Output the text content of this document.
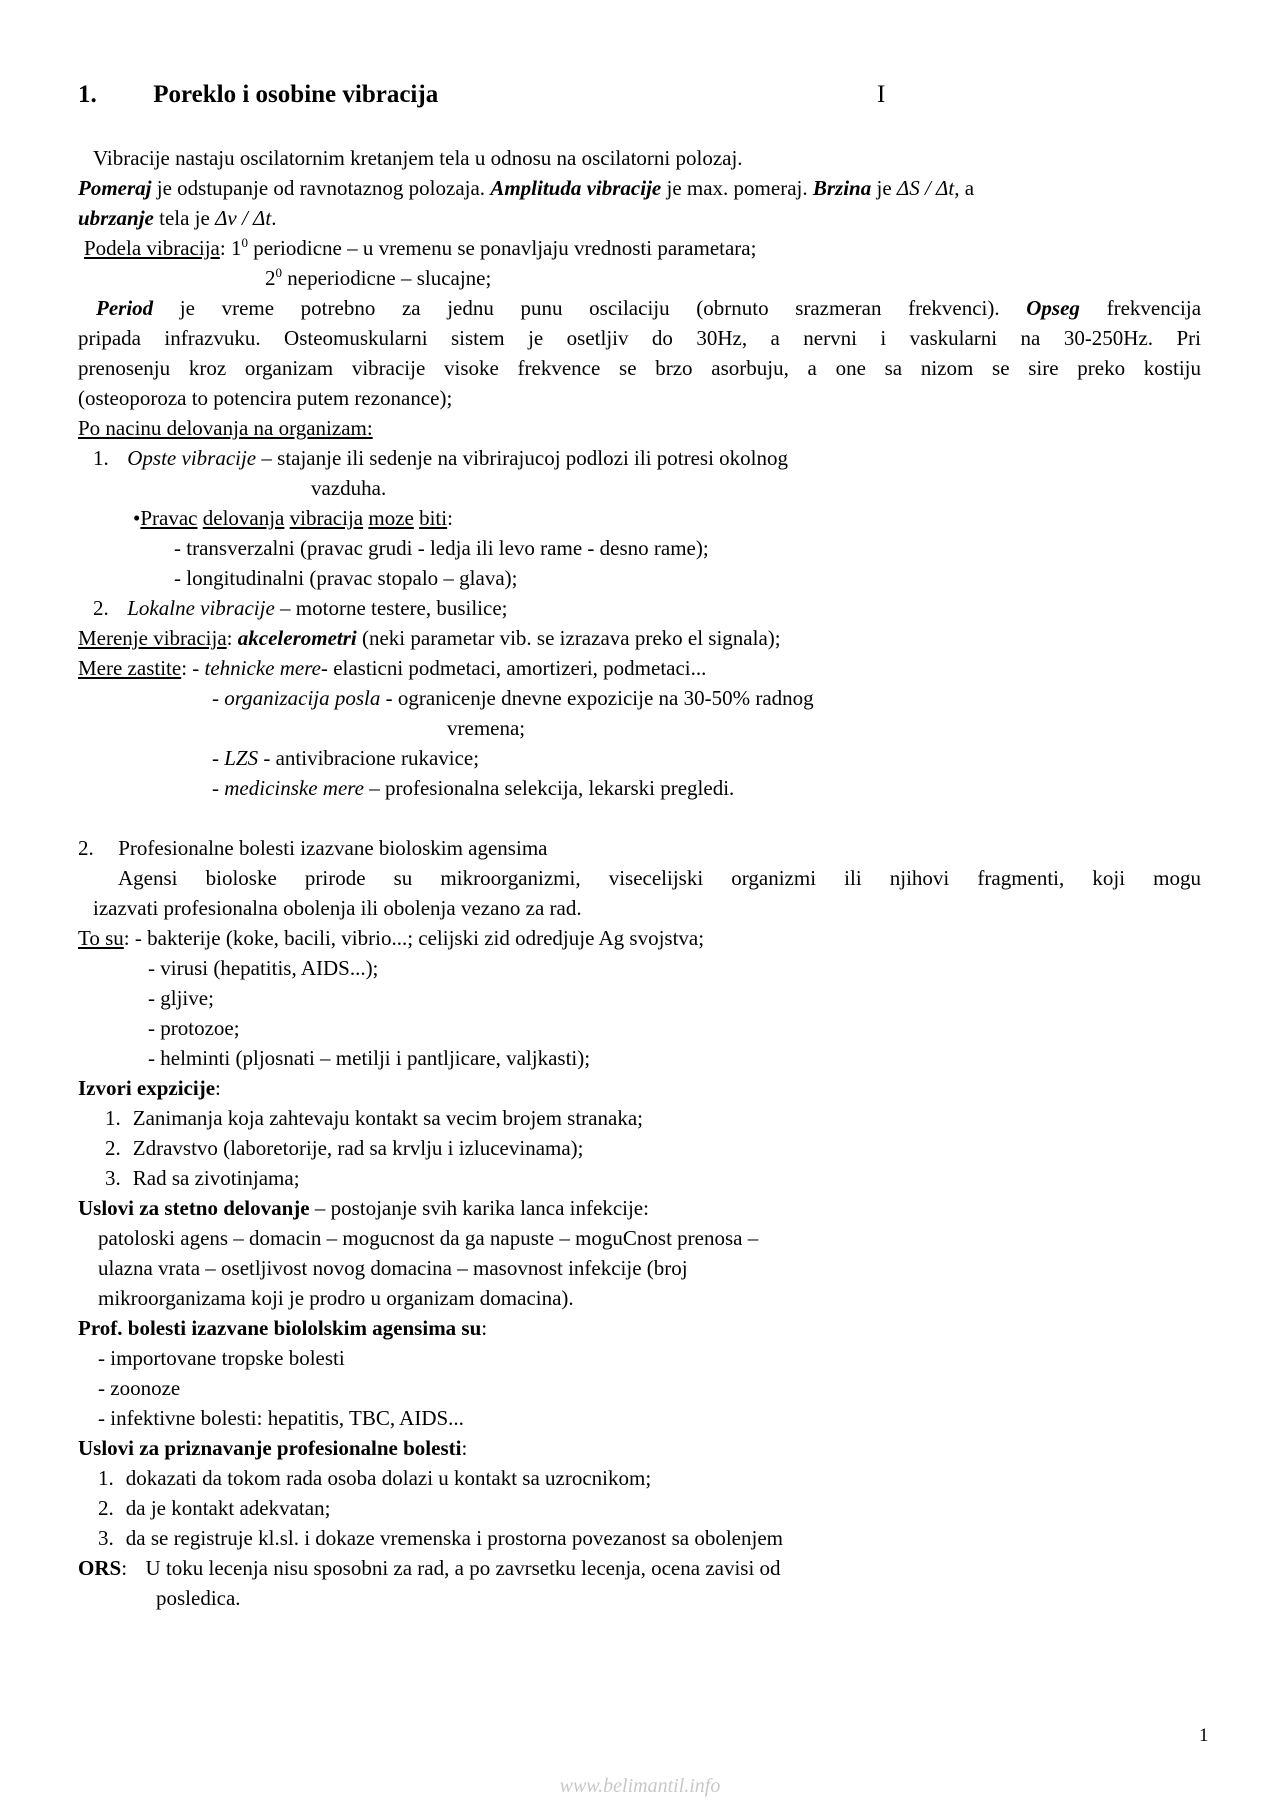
1. Poreklo i osobine vibracija	I
Vibracije nastaju oscilatornim kretanjem tela u odnosu na oscilatorni polozaj.
Pomeraj je odstupanje od ravnotaznog polozaja. Amplituda vibracije je max. pomeraj. Brzina je ΔS / Δt, a
ubrzanje tela je Δv / Δt.
Podela vibracija: $1^0$ periodicne – u vremenu se ponavljaju vrednosti parametara;
$2^0$ neperiodicne – slucajne;
Period je vreme potrebno za jednu punu oscilaciju (obrnuto srazmeran frekvenci). Opseg frekvencija
pripada infrazvuku. Osteomuskularni sistem je osetljiv do 30Hz, a nervni i vaskularni na 30-250Hz. Pri
prenosenju kroz organizam vibracije visoke frekvence se brzo asorbuju, a one sa nizom se sire preko kostiju
(osteoporoza to potencira putem rezonance);
Po nacinu delovanja na organizam:
1. Opste vibracije – stajanje ili sedenje na vibrirajucoj podlozi ili potresi okolnog
vazduha.
•Pravac delovanja vibracija moze biti:
- transverzalni (pravac grudi - ledja ili levo rame - desno rame);
- longitudinalni (pravac stopalo – glava);
2. Lokalne vibracije – motorne testere, busilice;
Merenje vibracija: akcelerometri (neki parametar vib. se izrazava preko el signala);
Mere zastite: - tehnicke mere- elasticni podmetaci, amortizeri, podmetaci...
- organizacija posla - ogranicenje dnevne expozicije na 30-50% radnog
vremena;
- LZS - antivibracione rukavice;
- medicinske mere – profesionalna selekcija, lekarski pregledi.
2. Profesionalne bolesti izazvane bioloskim agensima
Agensi bioloske prirode su mikroorganizmi, visecelijski organizmi ili njihovi fragmenti, koji mogu
izazvati profesionalna obolenja ili obolenja vezano za rad.
To su: - bakterije (koke, bacili, vibrio...; celijski zid odredjuje Ag svojstva;
- virusi (hepatitis, AIDS...);
- gljive;
- protozoe;
- helminti (pljosnati – metilji i pantljicare, valjkasti);
Izvori expzicije:
1. Zanimanja koja zahtevaju kontakt sa vecim brojem stranaka;
2. Zdravstvo (laboretorije, rad sa krvlju i izlucevinama);
3. Rad sa zivotinjama;
Uslovi za stetno delovanje – postojanje svih karika lanca infekcije:
patoloski agens – domacin – mogucnost da ga napuste – moguCnost prenosa –
ulazna vrata – osetljivost novog domacina – masovnost infekcije (broj
mikroorganizama koji je prodro u organizam domacina).
Prof. bolesti izazvane biololskim agensima su:
- importovane tropske bolesti
- zoonoze
- infektivne bolesti: hepatitis, TBC, AIDS...
Uslovi za priznavanje profesionalne bolesti:
1. dokazati da tokom rada osoba dolazi u kontakt sa uzrocnikom;
2. da je kontakt adekvatan;
3. da se registruje kl.sl. i dokaze vremenska i prostorna povezanost sa obolenjem
ORS: U toku lecenja nisu sposobni za rad, a po zavrsetku lecenja, ocena zavisi od
posledica.
1
www.belimantil.info
